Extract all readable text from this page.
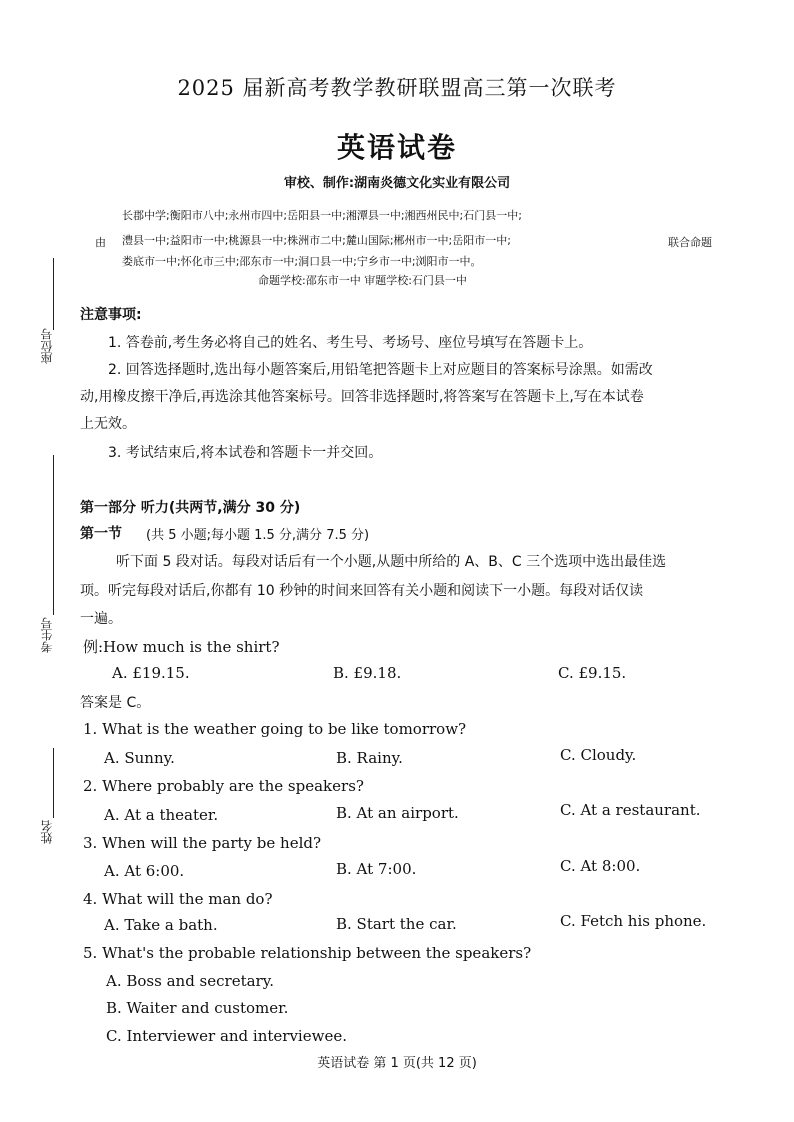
2025 届新高考教学教研联盟高三第一次联考
英语试卷
审校、制作:湖南炎德文化实业有限公司
长郡中学;衡阳市八中;永州市四中;岳阳县一中;湘潭县一中;湘西州民中;石门县一中;
由 澧县一中;益阳市一中;桃源县一中;株洲市二中;麓山国际;郴州市一中;岳阳市一中;	联合命题
娄底市一中;怀化市三中;邵东市一中;洞口县一中;宁乡市一中;浏阳市一中。
命题学校:邵东市一中 审题学校:石门县一中
座位号
考生号
姓名
注意事项:
1. 答卷前,考生务必将自己的姓名、考生号、考场号、座位号填写在答题卡上。
2. 回答选择题时,选出每小题答案后,用铅笔把答题卡上对应题目的答案标号涂黑。如需改
动,用橡皮擦干净后,再选涂其他答案标号。回答非选择题时,将答案写在答题卡上,写在本试卷
上无效。
3. 考试结束后,将本试卷和答题卡一并交回。
第一部分 听力(共两节,满分 30 分)
第一节 (共 5 小题;每小题 1.5 分,满分 7.5 分)
听下面 5 段对话。每段对话后有一个小题,从题中所给的 A、B、C 三个选项中选出最佳选
项。听完每段对话后,你都有 10 秒钟的时间来回答有关小题和阅读下一小题。每段对话仅读
一遍。
例:How much is the shirt?
A. £19.15.	B. £9.18.	C. £9.15.
答案是 C。
1. What is the weather going to be like tomorrow?
A. Sunny.	B. Rainy.	C. Cloudy.
2. Where probably are the speakers?
A. At a theater.	B. At an airport.	C. At a restaurant.
3. When will the party be held?
A. At 6:00.	B. At 7:00.	C. At 8:00.
4. What will the man do?
A. Take a bath.	B. Start the car.	C. Fetch his phone.
5. What's the probable relationship between the speakers?
A. Boss and secretary.
B. Waiter and customer.
C. Interviewer and interviewee.
英语试卷 第 1 页(共 12 页)
